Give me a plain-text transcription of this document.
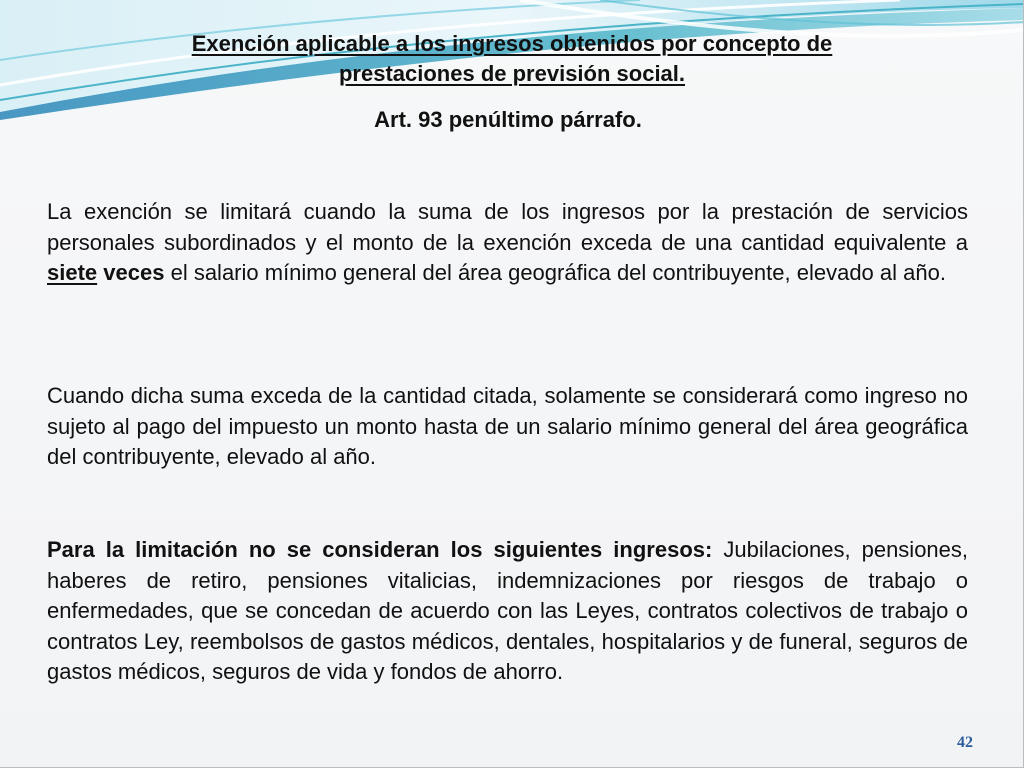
Exención aplicable a los ingresos obtenidos por concepto de
prestaciones de previsión social.
Art. 93 penúltimo párrafo.

La exención se limitará cuando la suma de los ingresos por la prestación de servicios personales subordinados y el monto de la exención exceda de una cantidad equivalente a siete veces el salario mínimo general del área geográfica del contribuyente, elevado al año.

Cuando dicha suma exceda de la cantidad citada, solamente se considerará como ingreso no sujeto al pago del impuesto un monto hasta de un salario mínimo general del área geográfica del contribuyente, elevado al año.

Para la limitación no se consideran los siguientes ingresos: Jubilaciones, pensiones, haberes de retiro, pensiones vitalicias, indemnizaciones por riesgos de trabajo o enfermedades, que se concedan de acuerdo con las Leyes, contratos colectivos de trabajo o contratos Ley, reembolsos de gastos médicos, dentales, hospitalarios y de funeral, seguros de gastos médicos, seguros de vida y fondos de ahorro.

42
